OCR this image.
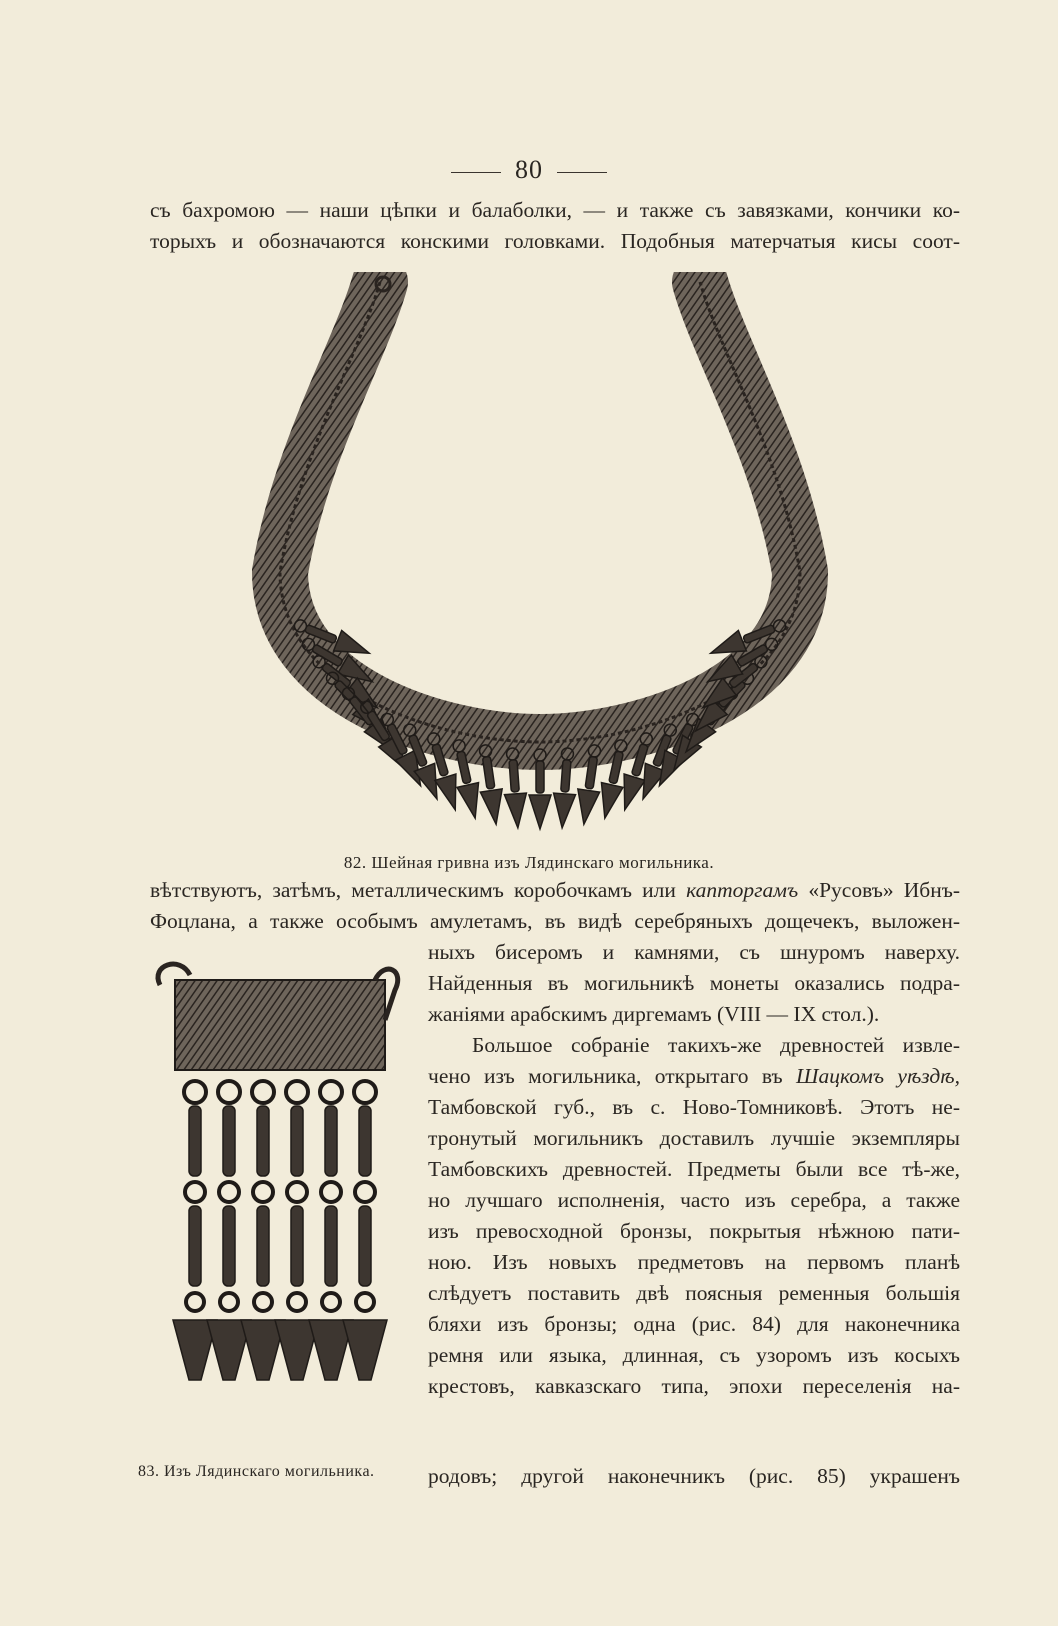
80
съ бахромою — наши цѣпки и балаболки, — и также съ завязками, кончики ко-
торыхъ и обозначаются конскими головками. Подобныя матерчатыя кисы соот-
82. Шейная гривна изъ Лядинскаго могильника.
вѣтствуютъ, затѣмъ, металлическимъ коробочкамъ или капторгамъ «Русовъ» Ибнъ-
Фоцлана, а также особымъ амулетамъ, въ видѣ серебряныхъ дощечекъ, выложен-
ныхъ бисеромъ и камнями, съ шнуромъ наверху.
Найденныя въ могильникѣ монеты оказались подра-
жаніями арабскимъ диргемамъ (VIII — IX стол.).
Большое собраніе такихъ-же древностей извле-
чено изъ могильника, открытаго въ Шацкомъ уѣздѣ,
Тамбовской губ., въ с. Ново-Томниковѣ. Этотъ не-
тронутый могильникъ доставилъ лучшіе экземпляры
Тамбовскихъ древностей. Предметы были все тѣ-же,
но лучшаго исполненія, часто изъ серебра, а также
изъ превосходной бронзы, покрытыя нѣжною пати-
ною. Изъ новыхъ предметовъ на первомъ планѣ
слѣдуетъ поставить двѣ поясныя ременныя большія
бляхи изъ бронзы; одна (рис. 84) для наконечника
ремня или языка, длинная, съ узоромъ изъ косыхъ
крестовъ, кавказскаго типа, эпохи переселенія на-
родовъ; другой наконечникъ (рис. 85) украшенъ
83. Изъ Лядинскаго могильника.
